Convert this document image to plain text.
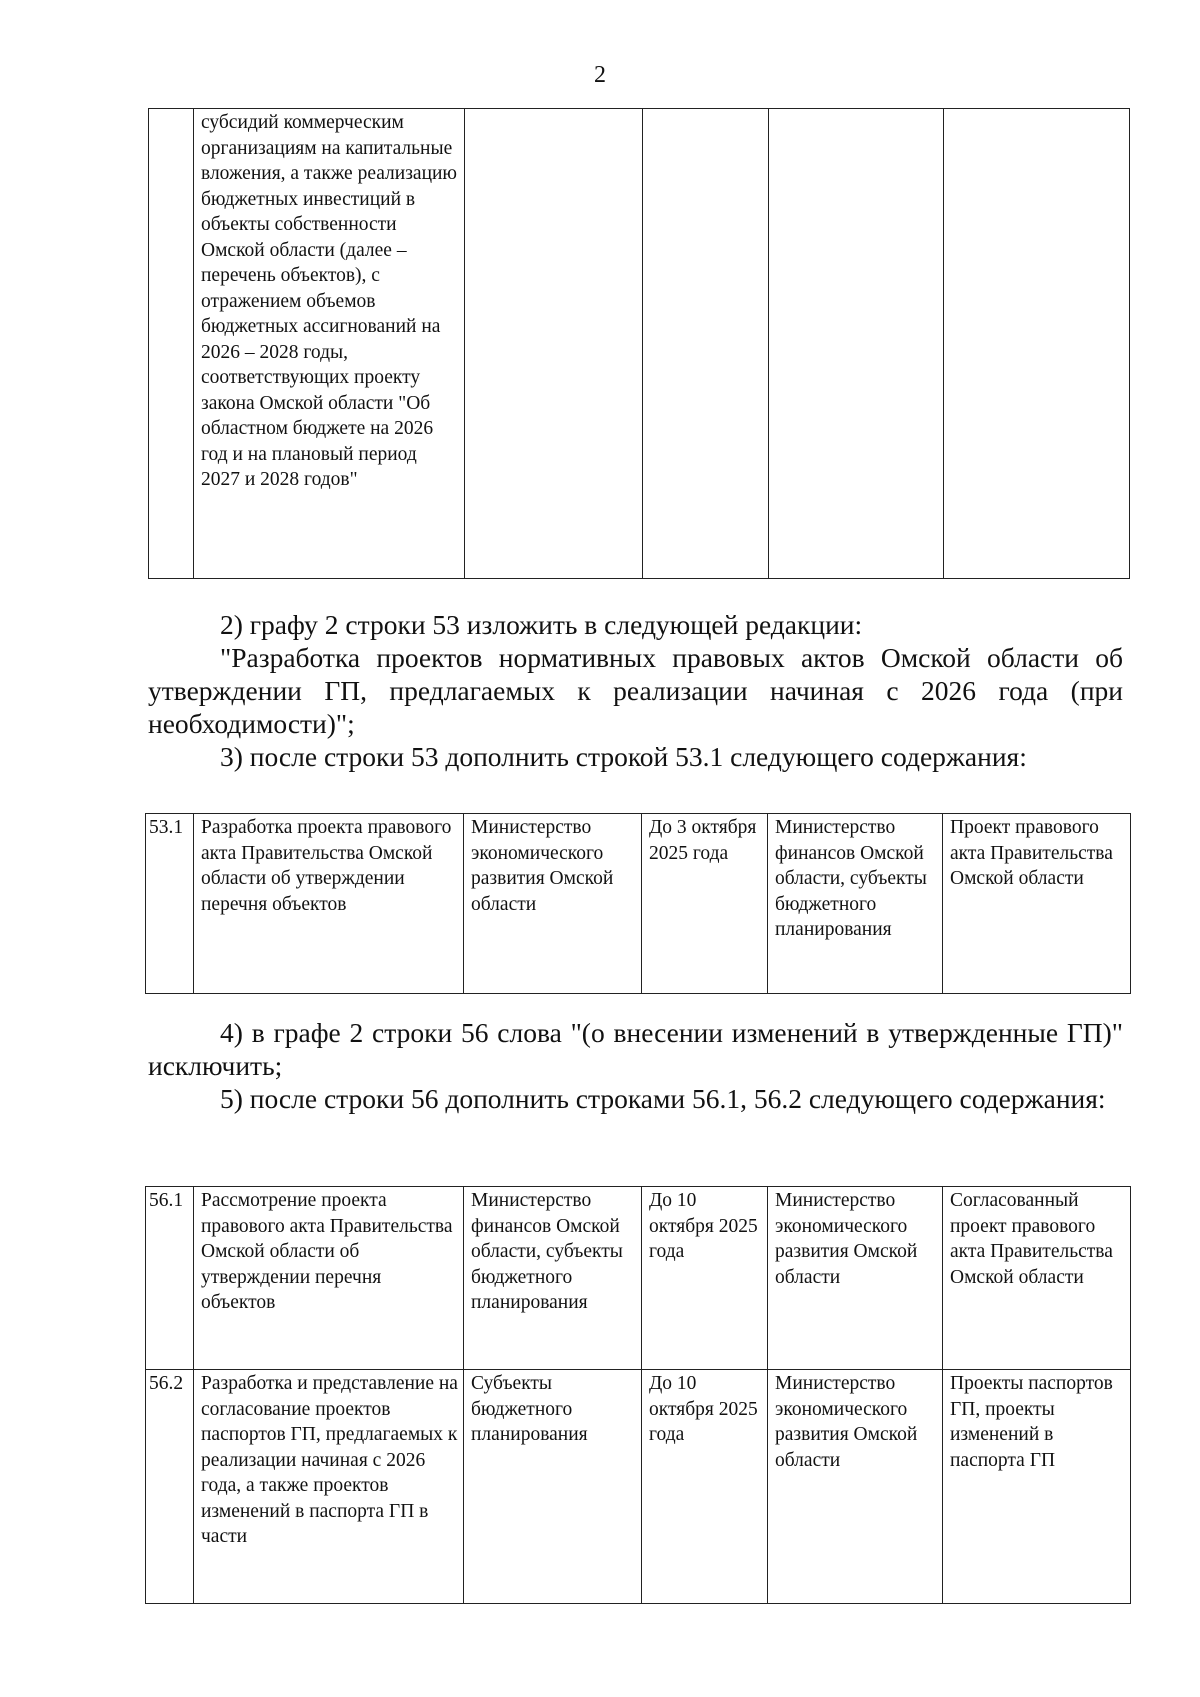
2
	субсидий коммерческим организациям на капитальные вложения, а также реализацию бюджетных инвестиций в объекты собственности Омской области (далее – перечень объектов), с отражением объемов бюджетных ассигнований на 2026 – 2028 годы, соответствующих проекту закона Омской области "Об областном бюджете на 2026 год и на плановый период 2027 и 2028 годов"				

2) графу 2 строки 53 изложить в следующей редакции:

"Разработка проектов нормативных правовых актов Омской области об утверждении ГП, предлагаемых к реализации начиная с 2026 года (при необходимости)";

3) после строки 53 дополнить строкой 53.1 следующего содержания:

53.1	Разработка проекта правового акта Правительства Омской области об утверждении перечня объектов	Министерство экономического развития Омской области	До 3 октября 2025 года	Министерство финансов Омской области, субъекты бюджетного планирования	Проект правового акта Правительства Омской области

4) в графе 2 строки 56 слова "(о внесении изменений в утвержденные ГП)" исключить;

5) после строки 56 дополнить строками 56.1, 56.2 следующего содержания:

56.1	Рассмотрение проекта правового акта Правительства Омской области об утверждении перечня объектов	Министерство финансов Омской области, субъекты бюджетного планирования	До 10 октября 2025 года	Министерство экономического развития Омской области	Согласованный проект правового акта Правительства Омской области
56.2	Разработка и представление на согласование проектов паспортов ГП, предлагаемых к реализации начиная с 2026 года, а также проектов изменений в паспорта ГП в части	Субъекты бюджетного планирования	До 10 октября 2025 года	Министерство экономического развития Омской области	Проекты паспортов ГП, проекты изменений в паспорта ГП
